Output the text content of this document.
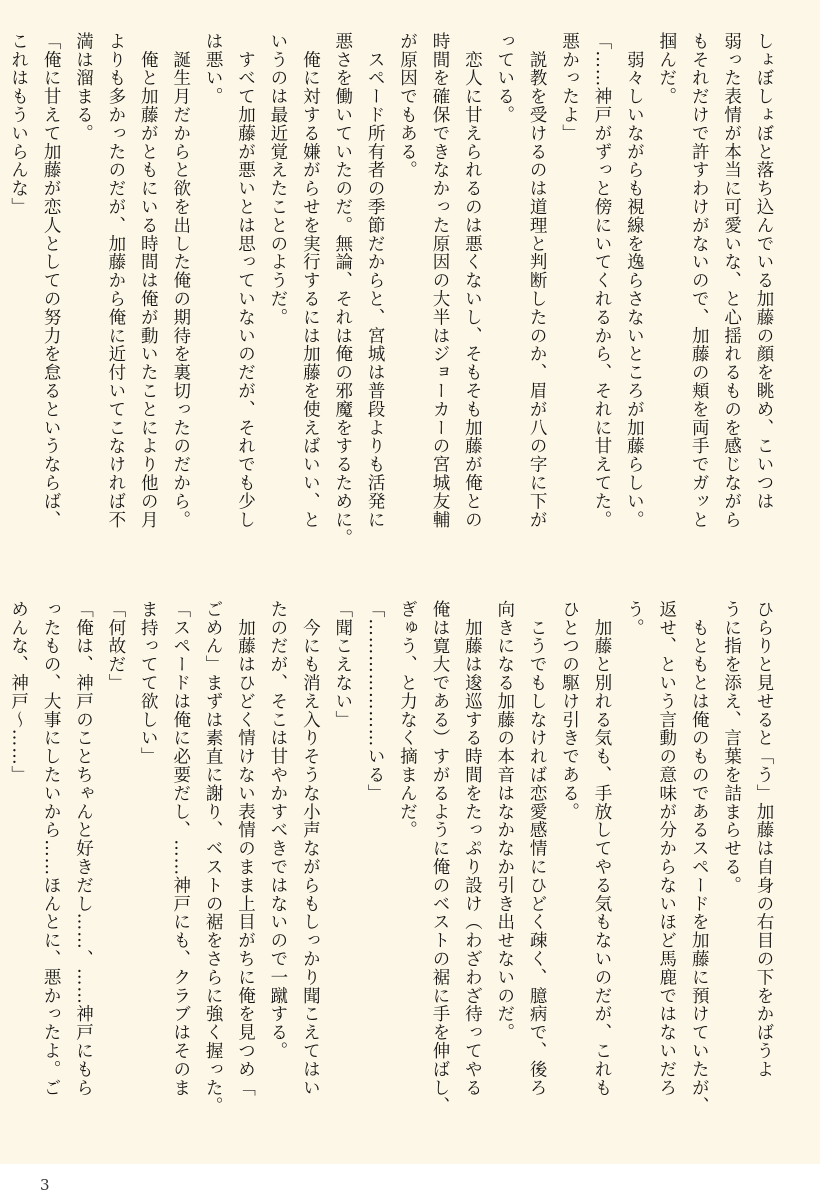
しょぼしょぼと落ち込んでいる加藤の顔を眺め、こいつは
弱った表情が本当に可愛いな、と心揺れるものを感じながら
もそれだけで許すわけがないので、加藤の頬を両手でガッと
掴んだ。
　弱々しいながらも視線を逸らさないところが加藤らしい。
「……神戸がずっと傍にいてくれるから、それに甘えてた。
悪かったよ」
　説教を受けるのは道理と判断したのか、眉が八の字に下が
っている。
　恋人に甘えられるのは悪くないし、そもそも加藤が俺との
時間を確保できなかった原因の大半はジョーカーの宮城友輔
が原因でもある。
　スペード所有者の季節だからと、宮城は普段よりも活発に
悪さを働いていたのだ。無論、それは俺の邪魔をするために。
　俺に対する嫌がらせを実行するには加藤を使えばいい、と
いうのは最近覚えたことのようだ。
　すべて加藤が悪いとは思っていないのだが、それでも少し
は悪い。
　誕生月だからと欲を出した俺の期待を裏切ったのだから。
　俺と加藤がともにいる時間は俺が動いたことにより他の月
よりも多かったのだが、加藤から俺に近付いてこなければ不
満は溜まる。
「俺に甘えて加藤が恋人としての努力を怠るというならば、
これはもういらんな」
ひらりと見せると「う」加藤は自身の右目の下をかばうよ
うに指を添え、言葉を詰まらせる。
　もともとは俺のものであるスペードを加藤に預けていたが、
返せ、という言動の意味が分からないほど馬鹿ではないだろ
う。
　加藤と別れる気も、手放してやる気もないのだが、これも
ひとつの駆け引きである。
　こうでもしなければ恋愛感情にひどく疎く、臆病で、後ろ
向きになる加藤の本音はなかなか引き出せないのだ。
　加藤は逡巡する時間をたっぷり設け（わざわざ待ってやる
俺は寛大である）すがるように俺のベストの裾に手を伸ばし、
ぎゅう、と力なく摘まんだ。
「…………………いる」
「聞こえない」
　今にも消え入りそうな小声ながらもしっかり聞こえてはい
たのだが、そこは甘やかすべきではないので一蹴する。
　加藤はひどく情けない表情のまま上目がちに俺を見つめ「
ごめん」まずは素直に謝り、ベストの裾をさらに強く握った。
「スペードは俺に必要だし、……神戸にも、クラブはそのま
ま持ってて欲しい」
「何故だ」
「俺は、神戸のことちゃんと好きだし……、……神戸にもら
ったもの、大事にしたいから……ほんとに、悪かったよ。ご
めんな、神戸～……」
3
